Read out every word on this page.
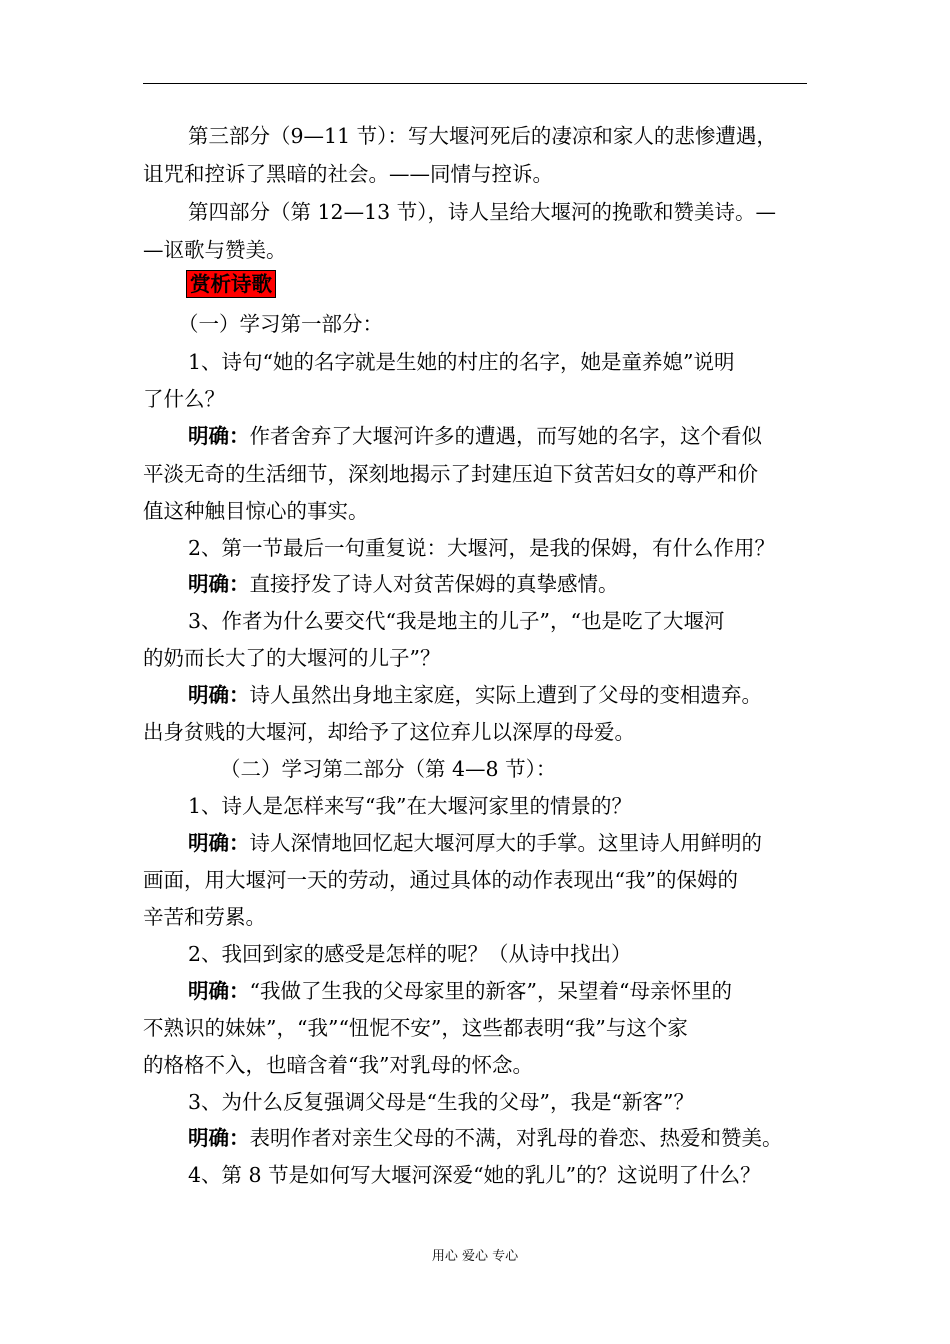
第三部分（9—11 节）：写大堰河死后的凄凉和家人的悲惨遭遇，
诅咒和控诉了黑暗的社会。——同情与控诉。
第四部分（第 12—13 节），诗人呈给大堰河的挽歌和赞美诗。—
—讴歌与赞美。
赏析诗歌
（一）学习第一部分：
1、诗句“她的名字就是生她的村庄的名字，她是童养媳”说明
了什么？
明确：作者舍弃了大堰河许多的遭遇，而写她的名字，这个看似
平淡无奇的生活细节，深刻地揭示了封建压迫下贫苦妇女的尊严和价
值这种触目惊心的事实。
2、第一节最后一句重复说：大堰河，是我的保姆，有什么作用？
明确：直接抒发了诗人对贫苦保姆的真挚感情。
3、作者为什么要交代“我是地主的儿子”，“也是吃了大堰河
的奶而长大了的大堰河的儿子”？
明确：诗人虽然出身地主家庭，实际上遭到了父母的变相遗弃。
出身贫贱的大堰河，却给予了这位弃儿以深厚的母爱。
（二）学习第二部分（第 4—8 节）：
1、诗人是怎样来写“我”在大堰河家里的情景的？
明确：诗人深情地回忆起大堰河厚大的手掌。这里诗人用鲜明的
画面，用大堰河一天的劳动，通过具体的动作表现出“我”的保姆的
辛苦和劳累。
2、我回到家的感受是怎样的呢？（从诗中找出）
明确：“我做了生我的父母家里的新客”，呆望着“母亲怀里的
不熟识的妹妹”，“我”“忸怩不安”，这些都表明“我”与这个家
的格格不入，也暗含着“我”对乳母的怀念。
3、为什么反复强调父母是“生我的父母”，我是“新客”？
明确：表明作者对亲生父母的不满，对乳母的眷恋、热爱和赞美。
4、第 8 节是如何写大堰河深爱“她的乳儿”的？这说明了什么？
用心 爱心 专心
